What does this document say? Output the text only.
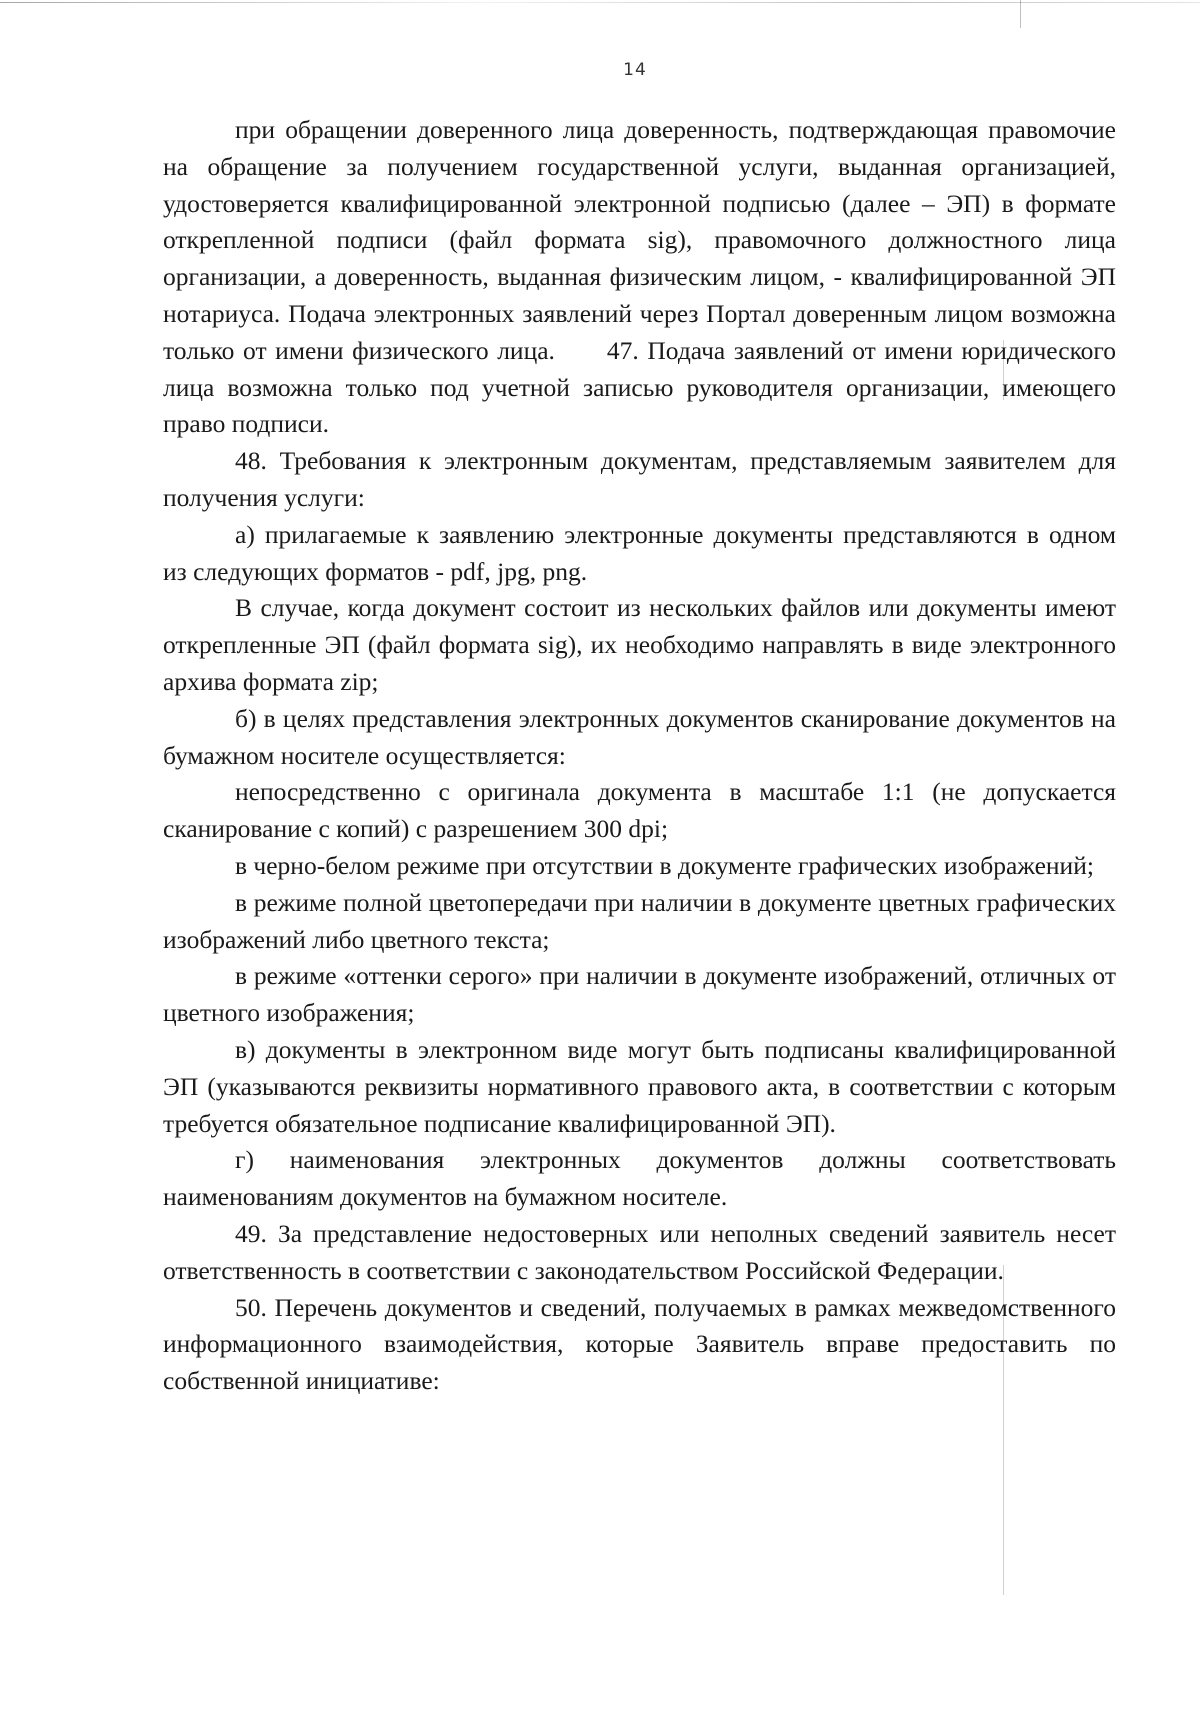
14

при обращении доверенного лица доверенность, подтверждающая правомочие на обращение за получением государственной услуги, выданная организацией, удостоверяется квалифицированной электронной подписью (далее – ЭП) в формате открепленной подписи (файл формата sig), правомочного должностного лица организации, а доверенность, выданная физическим лицом, - квалифицированной ЭП нотариуса. Подача электронных заявлений через Портал доверенным лицом возможна только от имени физического лица. 47. Подача заявлений от имени юридического лица возможна только под учетной записью руководителя организации, имеющего право подписи.

48. Требования к электронным документам, представляемым заявителем для получения услуги:

а) прилагаемые к заявлению электронные документы представляются в одном из следующих форматов - pdf, jpg, png.

В случае, когда документ состоит из нескольких файлов или документы имеют открепленные ЭП (файл формата sig), их необходимо направлять в виде электронного архива формата zip;

б) в целях представления электронных документов сканирование документов на бумажном носителе осуществляется:

непосредственно с оригинала документа в масштабе 1:1 (не допускается сканирование с копий) с разрешением 300 dpi;

в черно-белом режиме при отсутствии в документе графических изображений;

в режиме полной цветопередачи при наличии в документе цветных графических изображений либо цветного текста;

в режиме «оттенки серого» при наличии в документе изображений, отличных от цветного изображения;

в) документы в электронном виде могут быть подписаны квалифицированной ЭП (указываются реквизиты нормативного правового акта, в соответствии с которым требуется обязательное подписание квалифицированной ЭП).

г) наименования электронных документов должны соответствовать наименованиям документов на бумажном носителе.

49. За представление недостоверных или неполных сведений заявитель несет ответственность в соответствии с законодательством Российской Федерации.

50. Перечень документов и сведений, получаемых в рамках межведомственного информационного взаимодействия, которые Заявитель вправе предоставить по собственной инициативе:
